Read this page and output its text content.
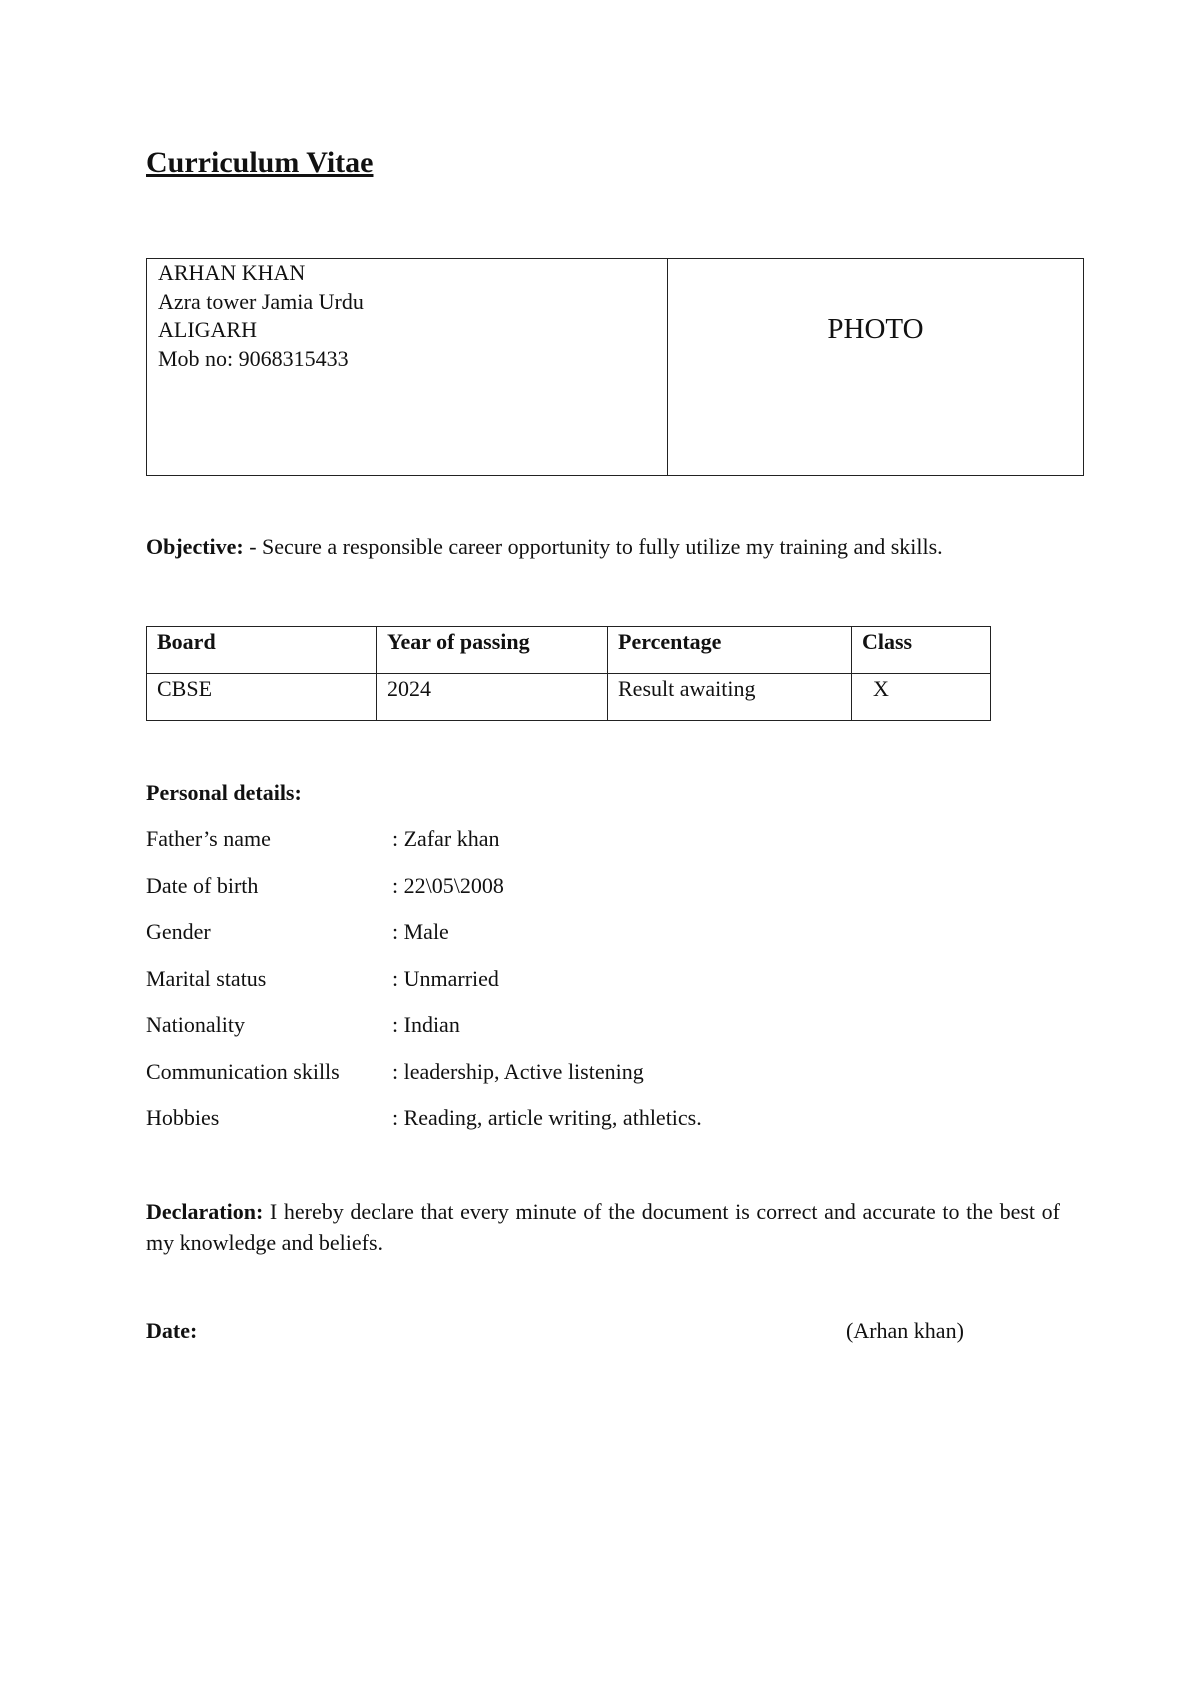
Curriculum Vitae
ARHAN KHAN
Azra tower Jamia Urdu
ALIGARH
Mob no: 9068315433
PHOTO
Objective: - Secure a responsible career opportunity to fully utilize my training and skills.
Board	Year of passing	Percentage	Class
CBSE	2024	Result awaiting	X
Personal details:
Father’s name	: Zafar khan
Date of birth	: 22\05\2008
Gender	: Male
Marital status	: Unmarried
Nationality	: Indian
Communication skills	: leadership, Active listening
Hobbies	: Reading, article writing, athletics.
Declaration: I hereby declare that every minute of the document is correct and accurate to the best of my knowledge and beliefs.
Date:	(Arhan khan)
